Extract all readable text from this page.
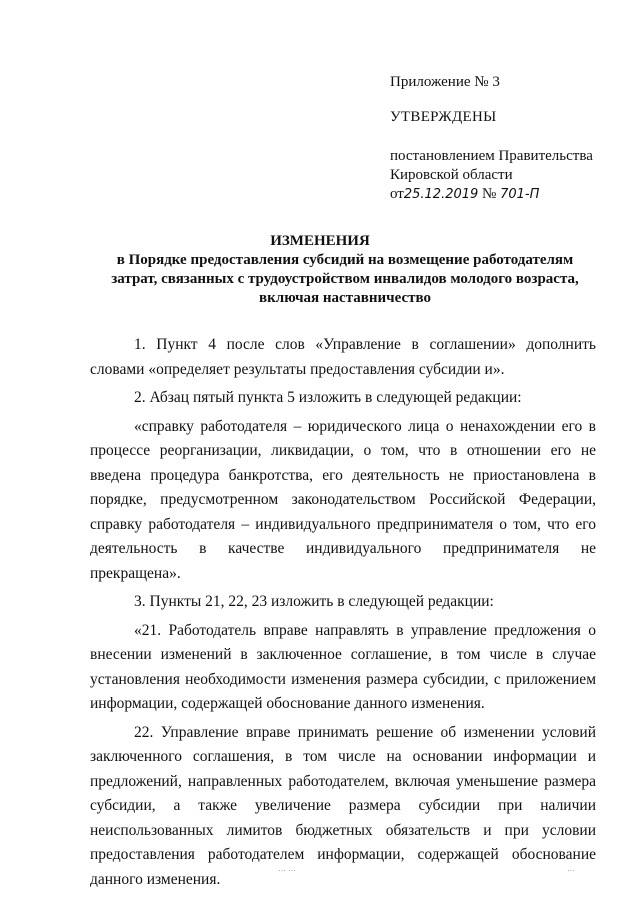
Приложение № 3
УТВЕРЖДЕНЫ
постановлением Правительства
Кировской области
от25.12.2019 № 701-П
ИЗМЕНЕНИЯ
в Порядке предоставления субсидий на возмещение работодателям затрат, связанных с трудоустройством инвалидов молодого возраста, включая наставничество

1. Пункт 4 после слов «Управление в соглашении» дополнить словами «определяет результаты предоставления субсидии и».

2. Абзац пятый пункта 5 изложить в следующей редакции:

«справку работодателя – юридического лица о ненахождении его в процессе реорганизации, ликвидации, о том, что в отношении его не введена процедура банкротства, его деятельность не приостановлена в порядке, предусмотренном законодательством Российской Федерации, справку работодателя – индивидуального предпринимателя о том, что его деятельность в качестве индивидуального предпринимателя не прекращена».

3. Пункты 21, 22, 23 изложить в следующей редакции:

«21. Работодатель вправе направлять в управление предложения о внесении изменений в заключенное соглашение, в том числе в случае установления необходимости изменения размера субсидии, с приложением информации, содержащей обоснование данного изменения.

22. Управление вправе принимать решение об изменении условий заключенного соглашения, в том числе на основании информации и предложений, направленных работодателем, включая уменьшение размера субсидии, а также увеличение размера субсидии при наличии неиспользованных лимитов бюджетных обязательств и при условии предоставления работодателем информации, содержащей обоснование данного изменения.	⋯⋯	⋯
